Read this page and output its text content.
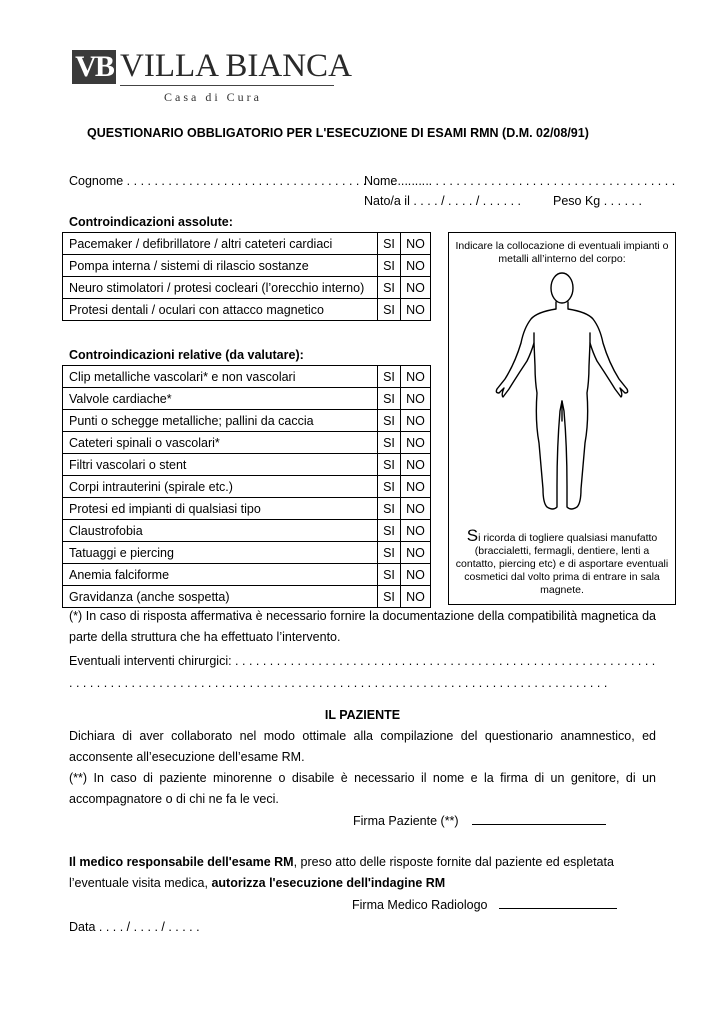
VB VILLA BIANCA
Casa di Cura
QUESTIONARIO OBBLIGATORIO PER L'ESECUZIONE DI ESAMI RMN (D.M. 02/08/91)
Cognome . . . . . . . . . . . . . . . . . . . . . . . . . . . . . . . . . . . . . . . . . . . .
Nome . . . . . . . . . . . . . . . . . . . . . . . . . . . . . . . . . . . . . . . .
Nato/a il . . . . / . . . . / . . . . . .	Peso Kg . . . . . .
Controindicazioni assolute:
Pacemaker / defibrillatore / altri cateteri cardiaci	SI	NO
Pompa interna / sistemi di rilascio sostanze	SI	NO
Neuro stimolatori / protesi cocleari (l’orecchio interno)	SI	NO
Protesi dentali / oculari con attacco magnetico	SI	NO
Controindicazioni relative (da valutare):
Clip metalliche vascolari* e non vascolari	SI	NO
Valvole cardiache*	SI	NO
Punti o schegge metalliche; pallini da caccia	SI	NO
Cateteri spinali o vascolari*	SI	NO
Filtri vascolari o stent	SI	NO
Corpi intrauterini (spirale etc.)	SI	NO
Protesi ed impianti di qualsiasi tipo	SI	NO
Claustrofobia	SI	NO
Tatuaggi e piercing	SI	NO
Anemia falciforme	SI	NO
Gravidanza (anche sospetta)	SI	NO
Indicare la collocazione di eventuali impianti o metalli all’interno del corpo:
Si ricorda di togliere qualsiasi manufatto (braccialetti, fermagli, dentiere, lenti a contatto, piercing etc) e di asportare eventuali cosmetici dal volto prima di entrare in sala magnete.
(*) In caso di risposta affermativa è necessario fornire la documentazione della compatibilità magnetica da parte della struttura che ha effettuato l’intervento.
Eventuali interventi chirurgici: . . . . . . . . . . . . . . . . . . . . . . . . . . . . . . . . . . . . . . . . . . . . . . . . . . . . . . . . . . . . .
. . . . . . . . . . . . . . . . . . . . . . . . . . . . . . . . . . . . . . . . . . . . . . . . . . . . . . . . . . . . . . . . . . . . . . . . . . . . . .
IL PAZIENTE
Dichiara di aver collaborato nel modo ottimale alla compilazione del questionario anamnestico, ed acconsente all’esecuzione dell’esame RM.
(**) In caso di paziente minorenne o disabile è necessario il nome e la firma di un genitore, di un accompagnatore o di chi ne fa le veci.
Firma Paziente (**)
Il medico responsabile dell'esame RM, preso atto delle risposte fornite dal paziente ed espletata l’eventuale visita medica, autorizza l'esecuzione dell'indagine RM
Firma Medico Radiologo
Data . . . . / . . . . / . . . . .
